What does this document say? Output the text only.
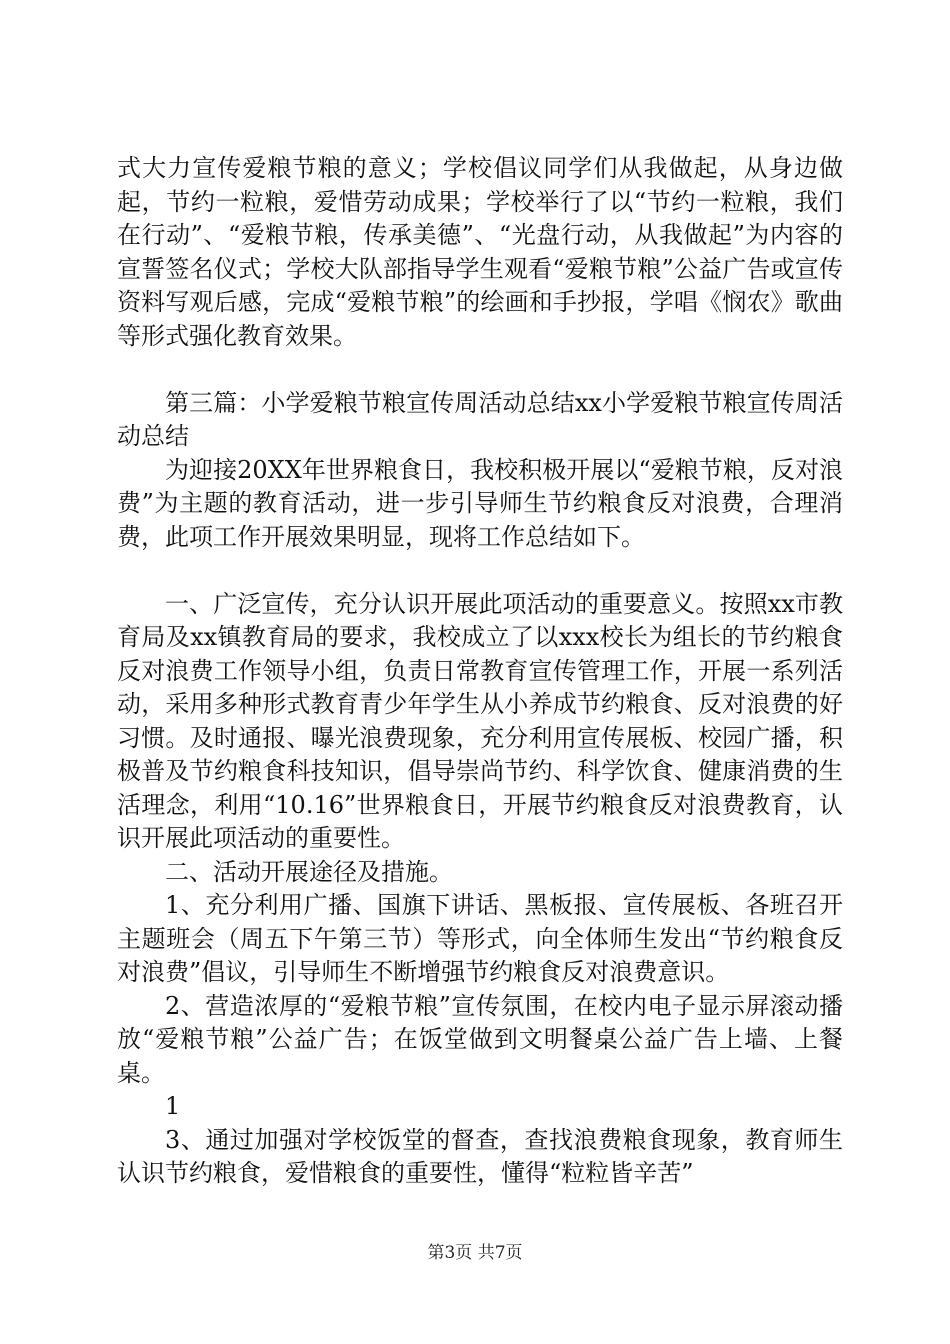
式大力宣传爱粮节粮的意义；学校倡议同学们从我做起，从身边做起，节约一粒粮，爱惜劳动成果；学校举行了以“节约一粒粮，我们在行动”、“爱粮节粮，传承美德”、“光盘行动，从我做起”为内容的宣誓签名仪式；学校大队部指导学生观看“爱粮节粮”公益广告或宣传资料写观后感，完成“爱粮节粮”的绘画和手抄报，学唱《悯农》歌曲等形式强化教育效果。

第三篇：小学爱粮节粮宣传周活动总结xx小学爱粮节粮宣传周活动总结

为迎接20XX年世界粮食日，我校积极开展以“爱粮节粮，反对浪费”为主题的教育活动，进一步引导师生节约粮食反对浪费，合理消费，此项工作开展效果明显，现将工作总结如下。

一、广泛宣传，充分认识开展此项活动的重要意义。按照xx市教育局及xx镇教育局的要求，我校成立了以xxx校长为组长的节约粮食反对浪费工作领导小组，负责日常教育宣传管理工作，开展一系列活动，采用多种形式教育青少年学生从小养成节约粮食、反对浪费的好习惯。及时通报、曝光浪费现象，充分利用宣传展板、校园广播，积极普及节约粮食科技知识，倡导崇尚节约、科学饮食、健康消费的生活理念，利用“10.16”世界粮食日，开展节约粮食反对浪费教育，认识开展此项活动的重要性。

二、活动开展途径及措施。

1、充分利用广播、国旗下讲话、黑板报、宣传展板、各班召开主题班会（周五下午第三节）等形式，向全体师生发出“节约粮食反对浪费”倡议，引导师生不断增强节约粮食反对浪费意识。

2、营造浓厚的“爱粮节粮”宣传氛围，在校内电子显示屏滚动播放“爱粮节粮”公益广告；在饭堂做到文明餐桌公益广告上墙、上餐桌。

1

3、通过加强对学校饭堂的督查，查找浪费粮食现象，教育师生认识节约粮食，爱惜粮食的重要性，懂得“粒粒皆辛苦”

第3页 共7页
